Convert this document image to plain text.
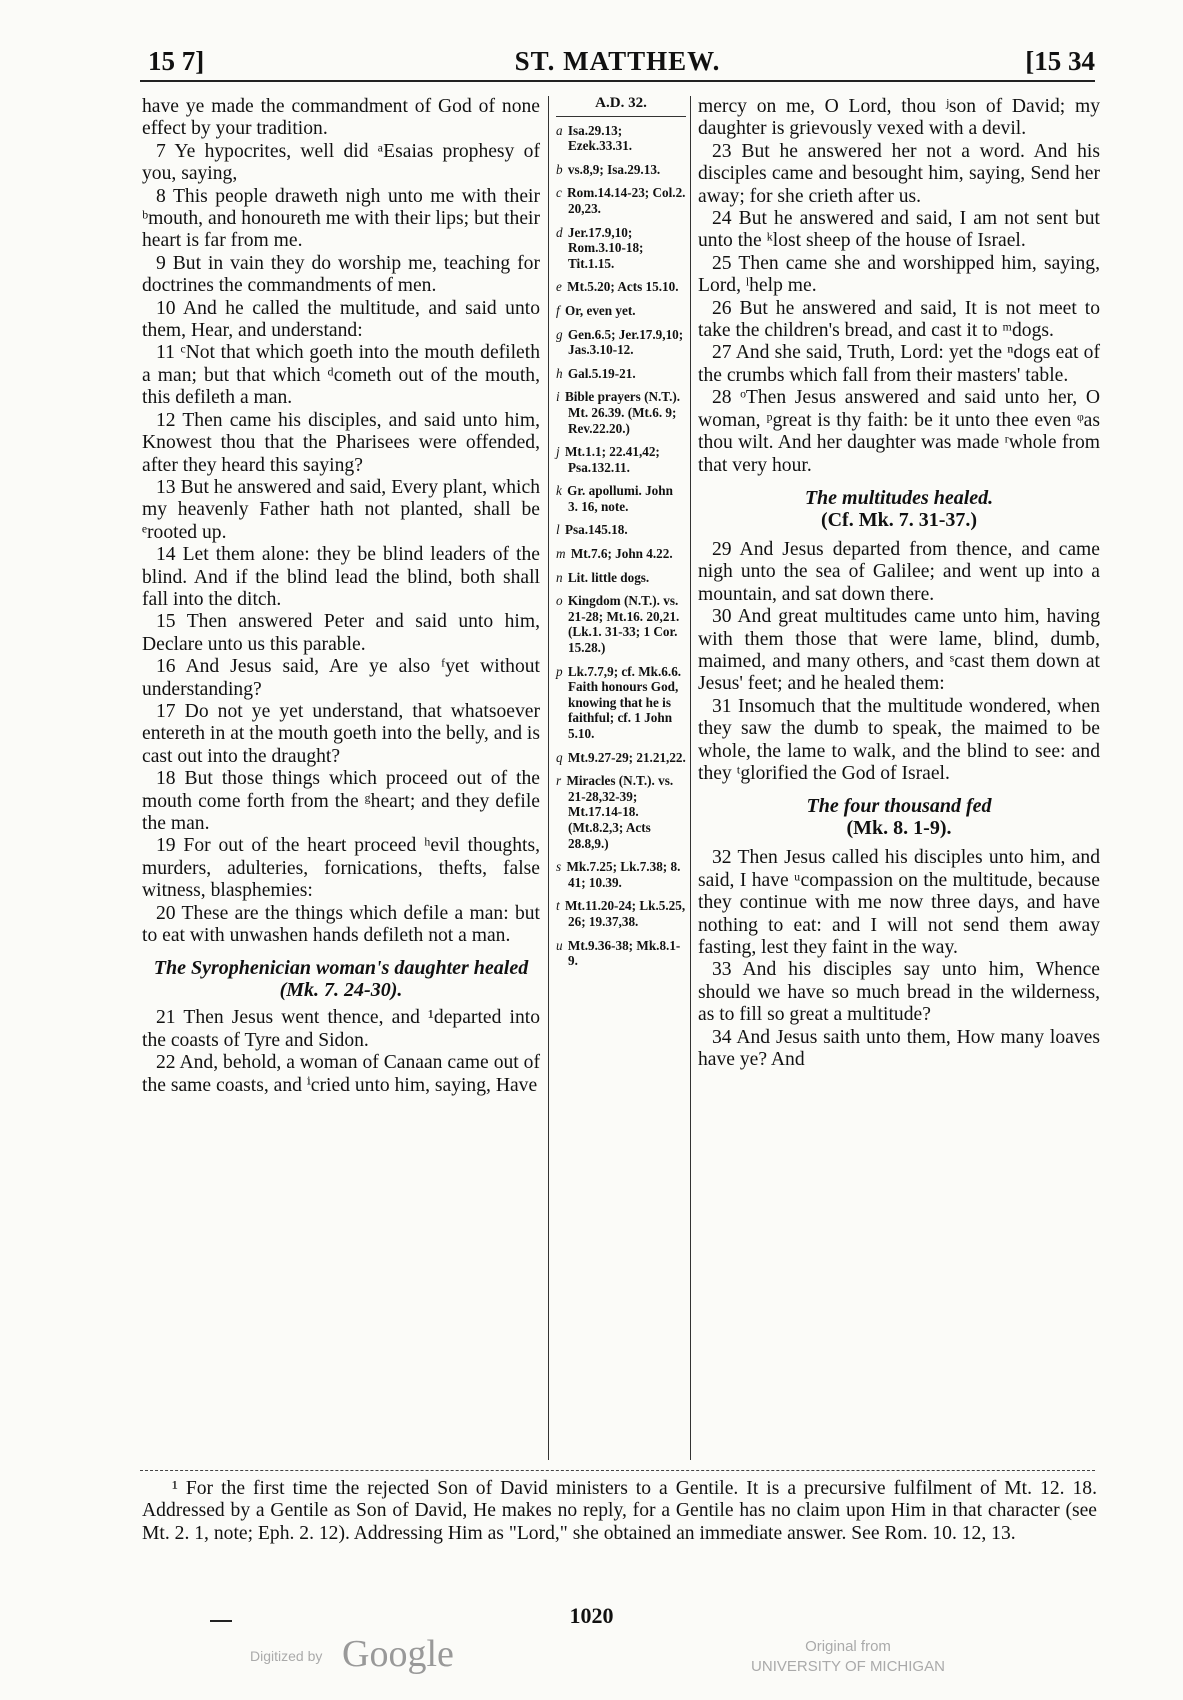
15 7]	ST. MATTHEW.	[15 34

have ye made the commandment of God of none effect by your tradition.

7 Ye hypocrites, well did ᵃEsaias prophesy of you, saying,

8 This people draweth nigh unto me with their ᵇmouth, and honoureth me with their lips; but their heart is far from me.

9 But in vain they do worship me, teaching for doctrines the commandments of men.

10 And he called the multitude, and said unto them, Hear, and understand:

11 ᶜNot that which goeth into the mouth defileth a man; but that which ᵈcometh out of the mouth, this defileth a man.

12 Then came his disciples, and said unto him, Knowest thou that the Pharisees were offended, after they heard this saying?

13 But he answered and said, Every plant, which my heavenly Father hath not planted, shall be ᵉrooted up.

14 Let them alone: they be blind leaders of the blind. And if the blind lead the blind, both shall fall into the ditch.

15 Then answered Peter and said unto him, Declare unto us this parable.

16 And Jesus said, Are ye also ᶠyet without understanding?

17 Do not ye yet understand, that whatsoever entereth in at the mouth goeth into the belly, and is cast out into the draught?

18 But those things which proceed out of the mouth come forth from the ᵍheart; and they defile the man.

19 For out of the heart proceed ʰevil thoughts, murders, adulteries, fornications, thefts, false witness, blasphemies:

20 These are the things which defile a man: but to eat with unwashen hands defileth not a man.

The Syrophenician woman's daughter healed (Mk. 7. 24-30).

21 Then Jesus went thence, and ¹departed into the coasts of Tyre and Sidon.

22 And, behold, a woman of Canaan came out of the same coasts, and ⁱcried unto him, saying, Have

A.D. 32.
a Isa.29.13; Ezek.33.31.
b vs.8,9; Isa.29.13.
c Rom.14.14-23; Col.2. 20,23.
d Jer.17.9,10; Rom.3.10-18; Tit.1.15.
e Mt.5.20; Acts 15.10.
f Or, even yet.
g Gen.6.5; Jer.17.9,10; Jas.3.10-12.
h Gal.5.19-21.
i Bible prayers (N.T.). Mt. 26.39. (Mt.6. 9; Rev.22.20.)
j Mt.1.1; 22.41,42; Psa.132.11.
k Gr. apollumi. John 3. 16, note.
l Psa.145.18.
m Mt.7.6; John 4.22.
n Lit. little dogs.
o Kingdom (N.T.). vs. 21-28; Mt.16. 20,21. (Lk.1. 31-33; 1 Cor. 15.28.)
p Lk.7.7,9; cf. Mk.6.6. Faith honours God, knowing that he is faithful; cf. 1 John 5.10.
q Mt.9.27-29; 21.21,22.
r Miracles (N.T.). vs. 21-28,32-39; Mt.17.14-18. (Mt.8.2,3; Acts 28.8,9.)
s Mk.7.25; Lk.7.38; 8. 41; 10.39.
t Mt.11.20-24; Lk.5.25, 26; 19.37,38.
u Mt.9.36-38; Mk.8.1-9.

mercy on me, O Lord, thou ʲson of David; my daughter is grievously vexed with a devil.

23 But he answered her not a word. And his disciples came and besought him, saying, Send her away; for she crieth after us.

24 But he answered and said, I am not sent but unto the ᵏlost sheep of the house of Israel.

25 Then came she and worshipped him, saying, Lord, ˡhelp me.

26 But he answered and said, It is not meet to take the children's bread, and cast it to ᵐdogs.

27 And she said, Truth, Lord: yet the ⁿdogs eat of the crumbs which fall from their masters' table.

28 ᵒThen Jesus answered and said unto her, O woman, ᵖgreat is thy faith: be it unto thee even ᵠas thou wilt. And her daughter was made ʳwhole from that very hour.

The multitudes healed.
(Cf. Mk. 7. 31-37.)

29 And Jesus departed from thence, and came nigh unto the sea of Galilee; and went up into a mountain, and sat down there.

30 And great multitudes came unto him, having with them those that were lame, blind, dumb, maimed, and many others, and ˢcast them down at Jesus' feet; and he healed them:

31 Insomuch that the multitude wondered, when they saw the dumb to speak, the maimed to be whole, the lame to walk, and the blind to see: and they ᵗglorified the God of Israel.

The four thousand fed
(Mk. 8. 1-9).

32 Then Jesus called his disciples unto him, and said, I have ᵘcompassion on the multitude, because they continue with me now three days, and have nothing to eat: and I will not send them away fasting, lest they faint in the way.

33 And his disciples say unto him, Whence should we have so much bread in the wilderness, as to fill so great a multitude?

34 And Jesus saith unto them, How many loaves have ye? And

¹ For the first time the rejected Son of David ministers to a Gentile. It is a precursive fulfilment of Mt. 12. 18. Addressed by a Gentile as Son of David, He makes no reply, for a Gentile has no claim upon Him in that character (see Mt. 2. 1, note; Eph. 2. 12). Addressing Him as "Lord," she obtained an immediate answer. See Rom. 10. 12, 13.

1020
Digitized by Google	Original from
UNIVERSITY OF MICHIGAN
